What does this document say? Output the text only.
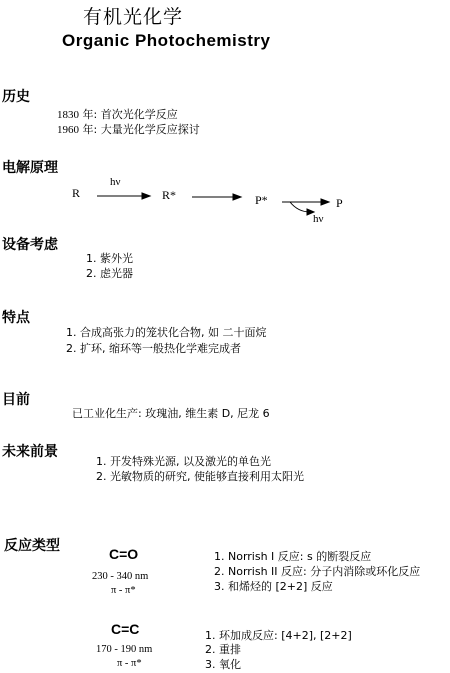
有机光化学
Organic Photochemistry
历史
1830 年: 首次光化学反应
1960 年: 大量光化学反应探讨
电解原理
R
hν
R*	P*	P
hν
设备考虑
1. 紫外光
2. 虑光器
特点
1. 合成高张力的笼状化合物, 如 二十面烷
2. 扩环, 缩环等一般热化学难完成者
目前
已工业化生产: 玫瑰油, 维生素 D, 尼龙 6
未来前景
1. 开发特殊光源, 以及激光的单色光
2. 光敏物质的研究, 使能够直接利用太阳光
反应类型	C=O
230 - 340 nm
π - π*
1. Norrish I 反应: s 的断裂反应
2. Norrish II 反应: 分子内消除或环化反应
3. 和烯烃的 [2+2] 反应
C=C
170 - 190 nm
π - π*
1. 环加成反应: [4+2], [2+2]
2. 重排
3. 氧化
